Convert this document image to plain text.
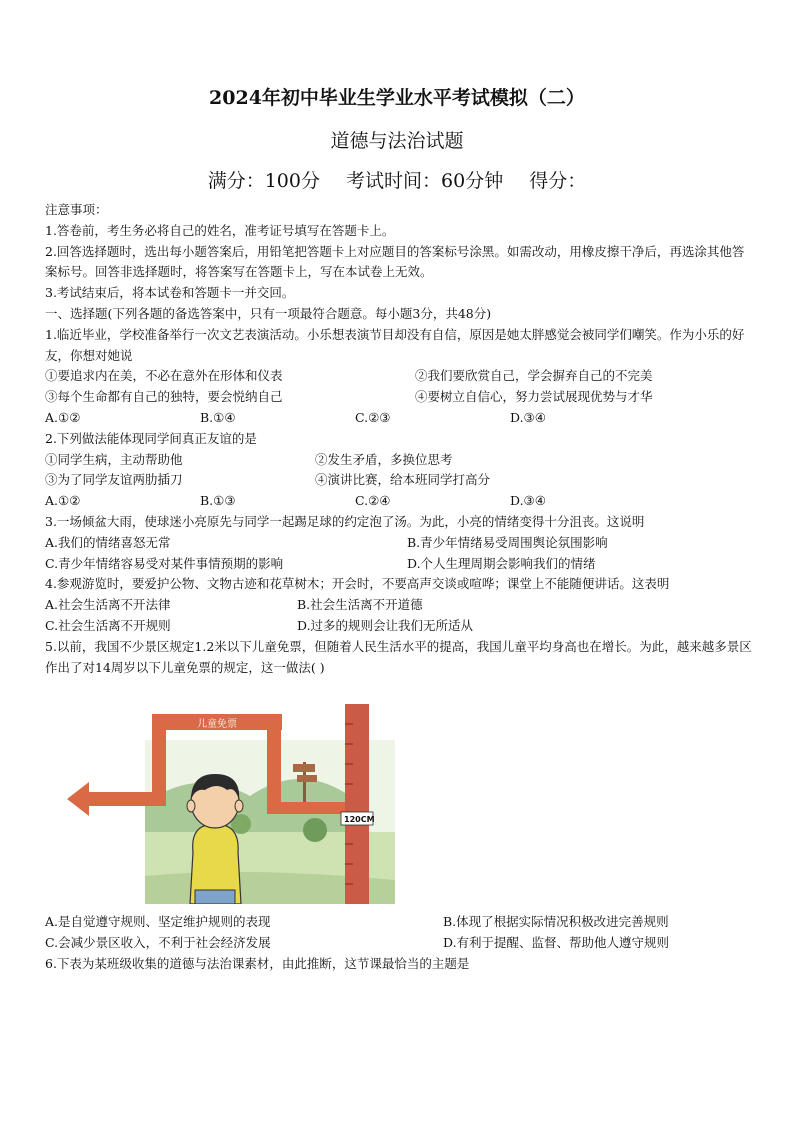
2024年初中毕业生学业水平考试模拟（二）
道德与法治试题
满分：100分 考试时间：60分钟 得分：
注意事项：
1.答卷前，考生务必将自己的姓名，准考证号填写在答题卡上。
2.回答选择题时，选出每小题答案后，用铅笔把答题卡上对应题目的答案标号涂黑。如需改动，用橡皮擦干净后，再选涂其他答案标号。回答非选择题时，将答案写在答题卡上，写在本试卷上无效。
3.考试结束后，将本试卷和答题卡一并交回。
一、选择题(下列各题的备选答案中，只有一项最符合题意。每小题3分，共48分)
1.临近毕业，学校准备举行一次文艺表演活动。小乐想表演节目却没有自信，原因是她太胖感觉会被同学们嘲笑。作为小乐的好友，你想对她说
①要追求内在美，不必在意外在形体和仪表	②我们要欣赏自己，学会摒弃自己的不完美
③每个生命都有自己的独特，要会悦纳自己	④要树立自信心，努力尝试展现优势与才华
A.①②	B.①④	C.②③	D.③④
2.下列做法能体现同学间真正友谊的是
①同学生病，主动帮助他	②发生矛盾，多换位思考
③为了同学友谊两肋插刀	④演讲比赛，给本班同学打高分
A.①②	B.①③	C.②④	D.③④
3.一场倾盆大雨，使球迷小亮原先与同学一起踢足球的约定泡了汤。为此，小亮的情绪变得十分沮丧。这说明
A.我们的情绪喜怒无常	B.青少年情绪易受周围舆论氛围影响
C.青少年情绪容易受对某件事情预期的影响	D.个人生理周期会影响我们的情绪
4.参观游览时，要爱护公物、文物古迹和花草树木；开会时，不要高声交谈或喧哗；课堂上不能随便讲话。这表明
A.社会生活离不开法律	B.社会生活离不开道德
C.社会生活离不开规则	D.过多的规则会让我们无所适从
5.以前，我国不少景区规定1.2米以下儿童免票，但随着人民生活水平的提高，我国儿童平均身高也在增长。为此，越来越多景区作出了对14周岁以下儿童免票的规定，这一做法( )
儿童免票
120CM
A.是自觉遵守规则、坚定维护规则的表现	B.体现了根据实际情况积极改进完善规则
C.会减少景区收入，不利于社会经济发展	D.有利于提醒、监督、帮助他人遵守规则
6.下表为某班级收集的道德与法治课素材，由此推断，这节课最恰当的主题是
